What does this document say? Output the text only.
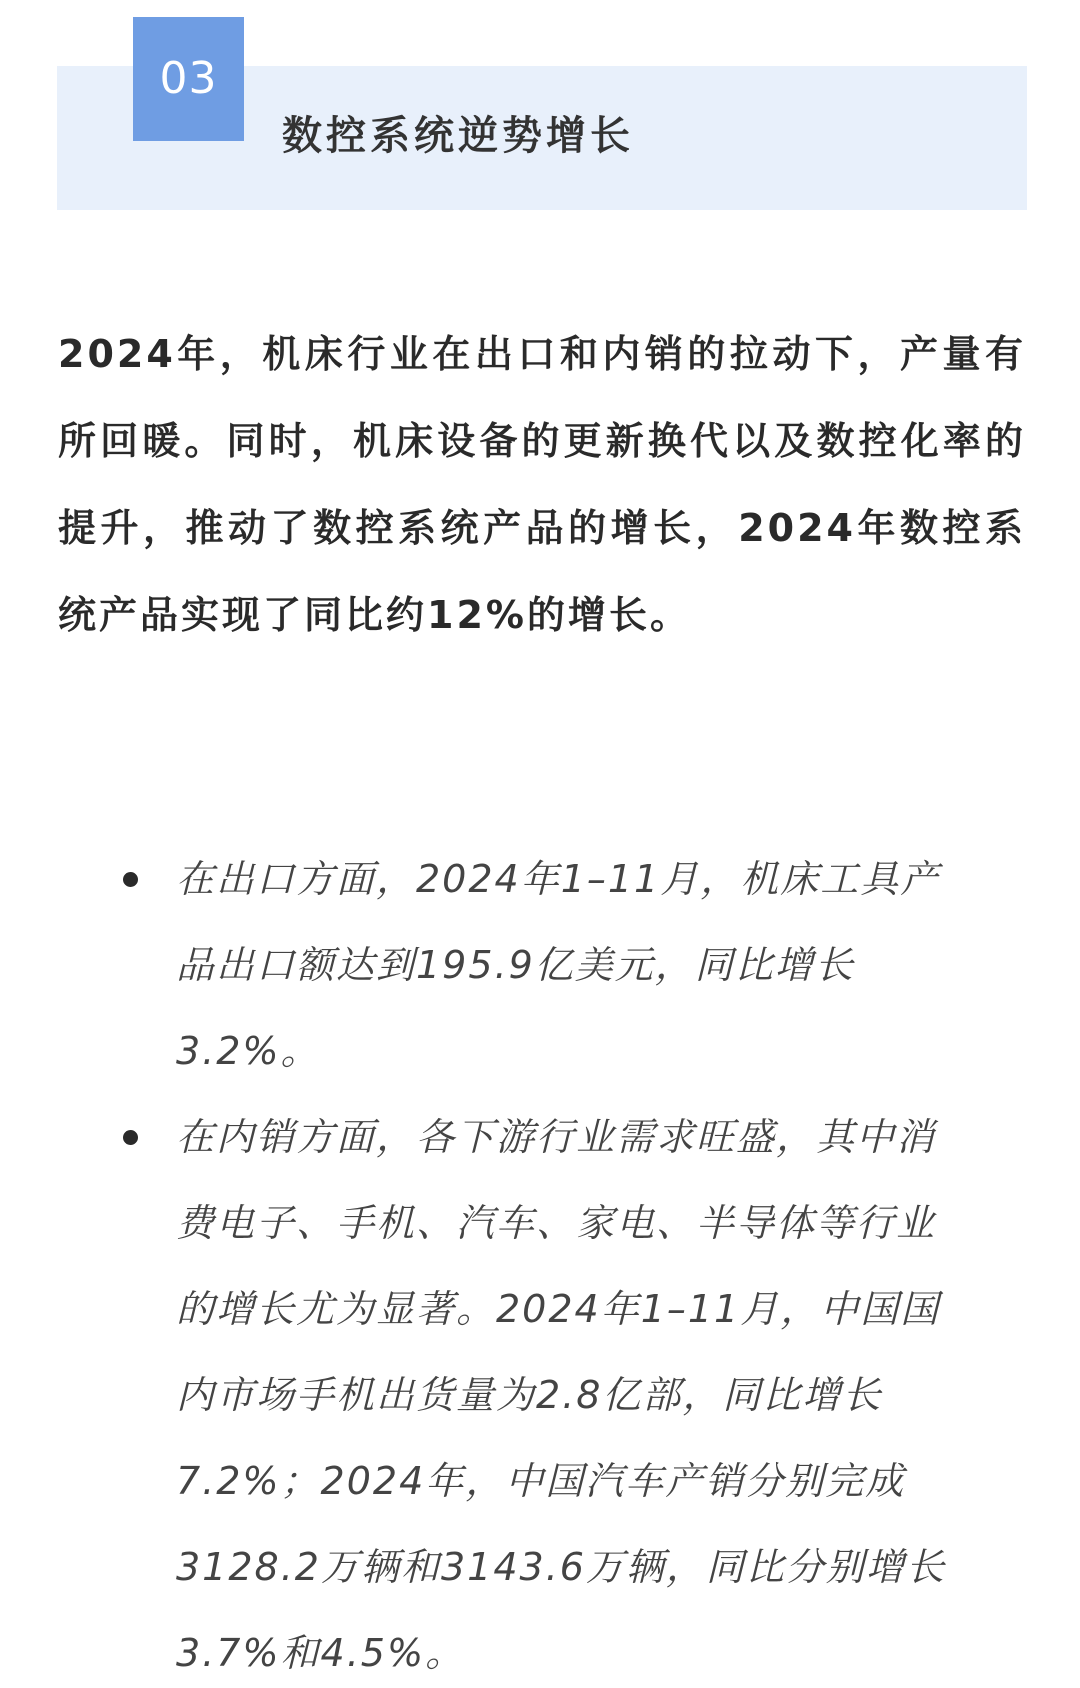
03
数控系统逆势增长

2024年，机床行业在出口和内销的拉动下，产量有所回暖。同时，机床设备的更新换代以及数控化率的提升，推动了数控系统产品的增长，2024年数控系统产品实现了同比约12%的增长。

在出口方面，2024年1–11月，机床工具产品出口额达到195.9亿美元，同比增长3.2%。
在内销方面，各下游行业需求旺盛，其中消费电子、手机、汽车、家电、半导体等行业的增长尤为显著。2024年1–11月，中国国内市场手机出货量为2.8亿部，同比增长7.2%；2024年，中国汽车产销分别完成3128.2万辆和3143.6万辆，同比分别增长3.7%和4.5%。
